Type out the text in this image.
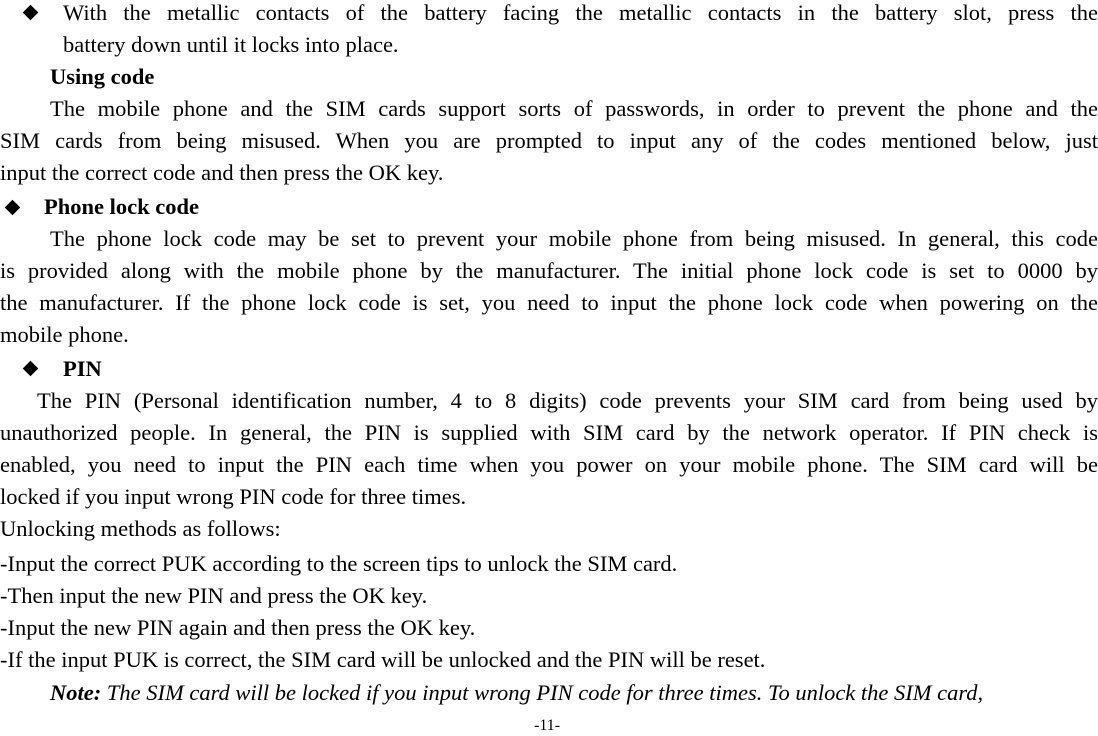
With the metallic contacts of the battery facing the metallic contacts in the battery slot, press the
battery down until it locks into place.
Using code
The mobile phone and the SIM cards support sorts of passwords, in order to prevent the phone and the
SIM cards from being misused. When you are prompted to input any of the codes mentioned below, just
input the correct code and then press the OK key.
Phone lock code
The phone lock code may be set to prevent your mobile phone from being misused. In general, this code
is provided along with the mobile phone by the manufacturer. The initial phone lock code is set to 0000 by
the manufacturer. If the phone lock code is set, you need to input the phone lock code when powering on the
mobile phone.
PIN
The PIN (Personal identification number, 4 to 8 digits) code prevents your SIM card from being used by
unauthorized people. In general, the PIN is supplied with SIM card by the network operator. If PIN check is
enabled, you need to input the PIN each time when you power on your mobile phone. The SIM card will be
locked if you input wrong PIN code for three times.
Unlocking methods as follows:
-Input the correct PUK according to the screen tips to unlock the SIM card.
-Then input the new PIN and press the OK key.
-Input the new PIN again and then press the OK key.
-If the input PUK is correct, the SIM card will be unlocked and the PIN will be reset.
Note: The SIM card will be locked if you input wrong PIN code for three times. To unlock the SIM card,
-11-
